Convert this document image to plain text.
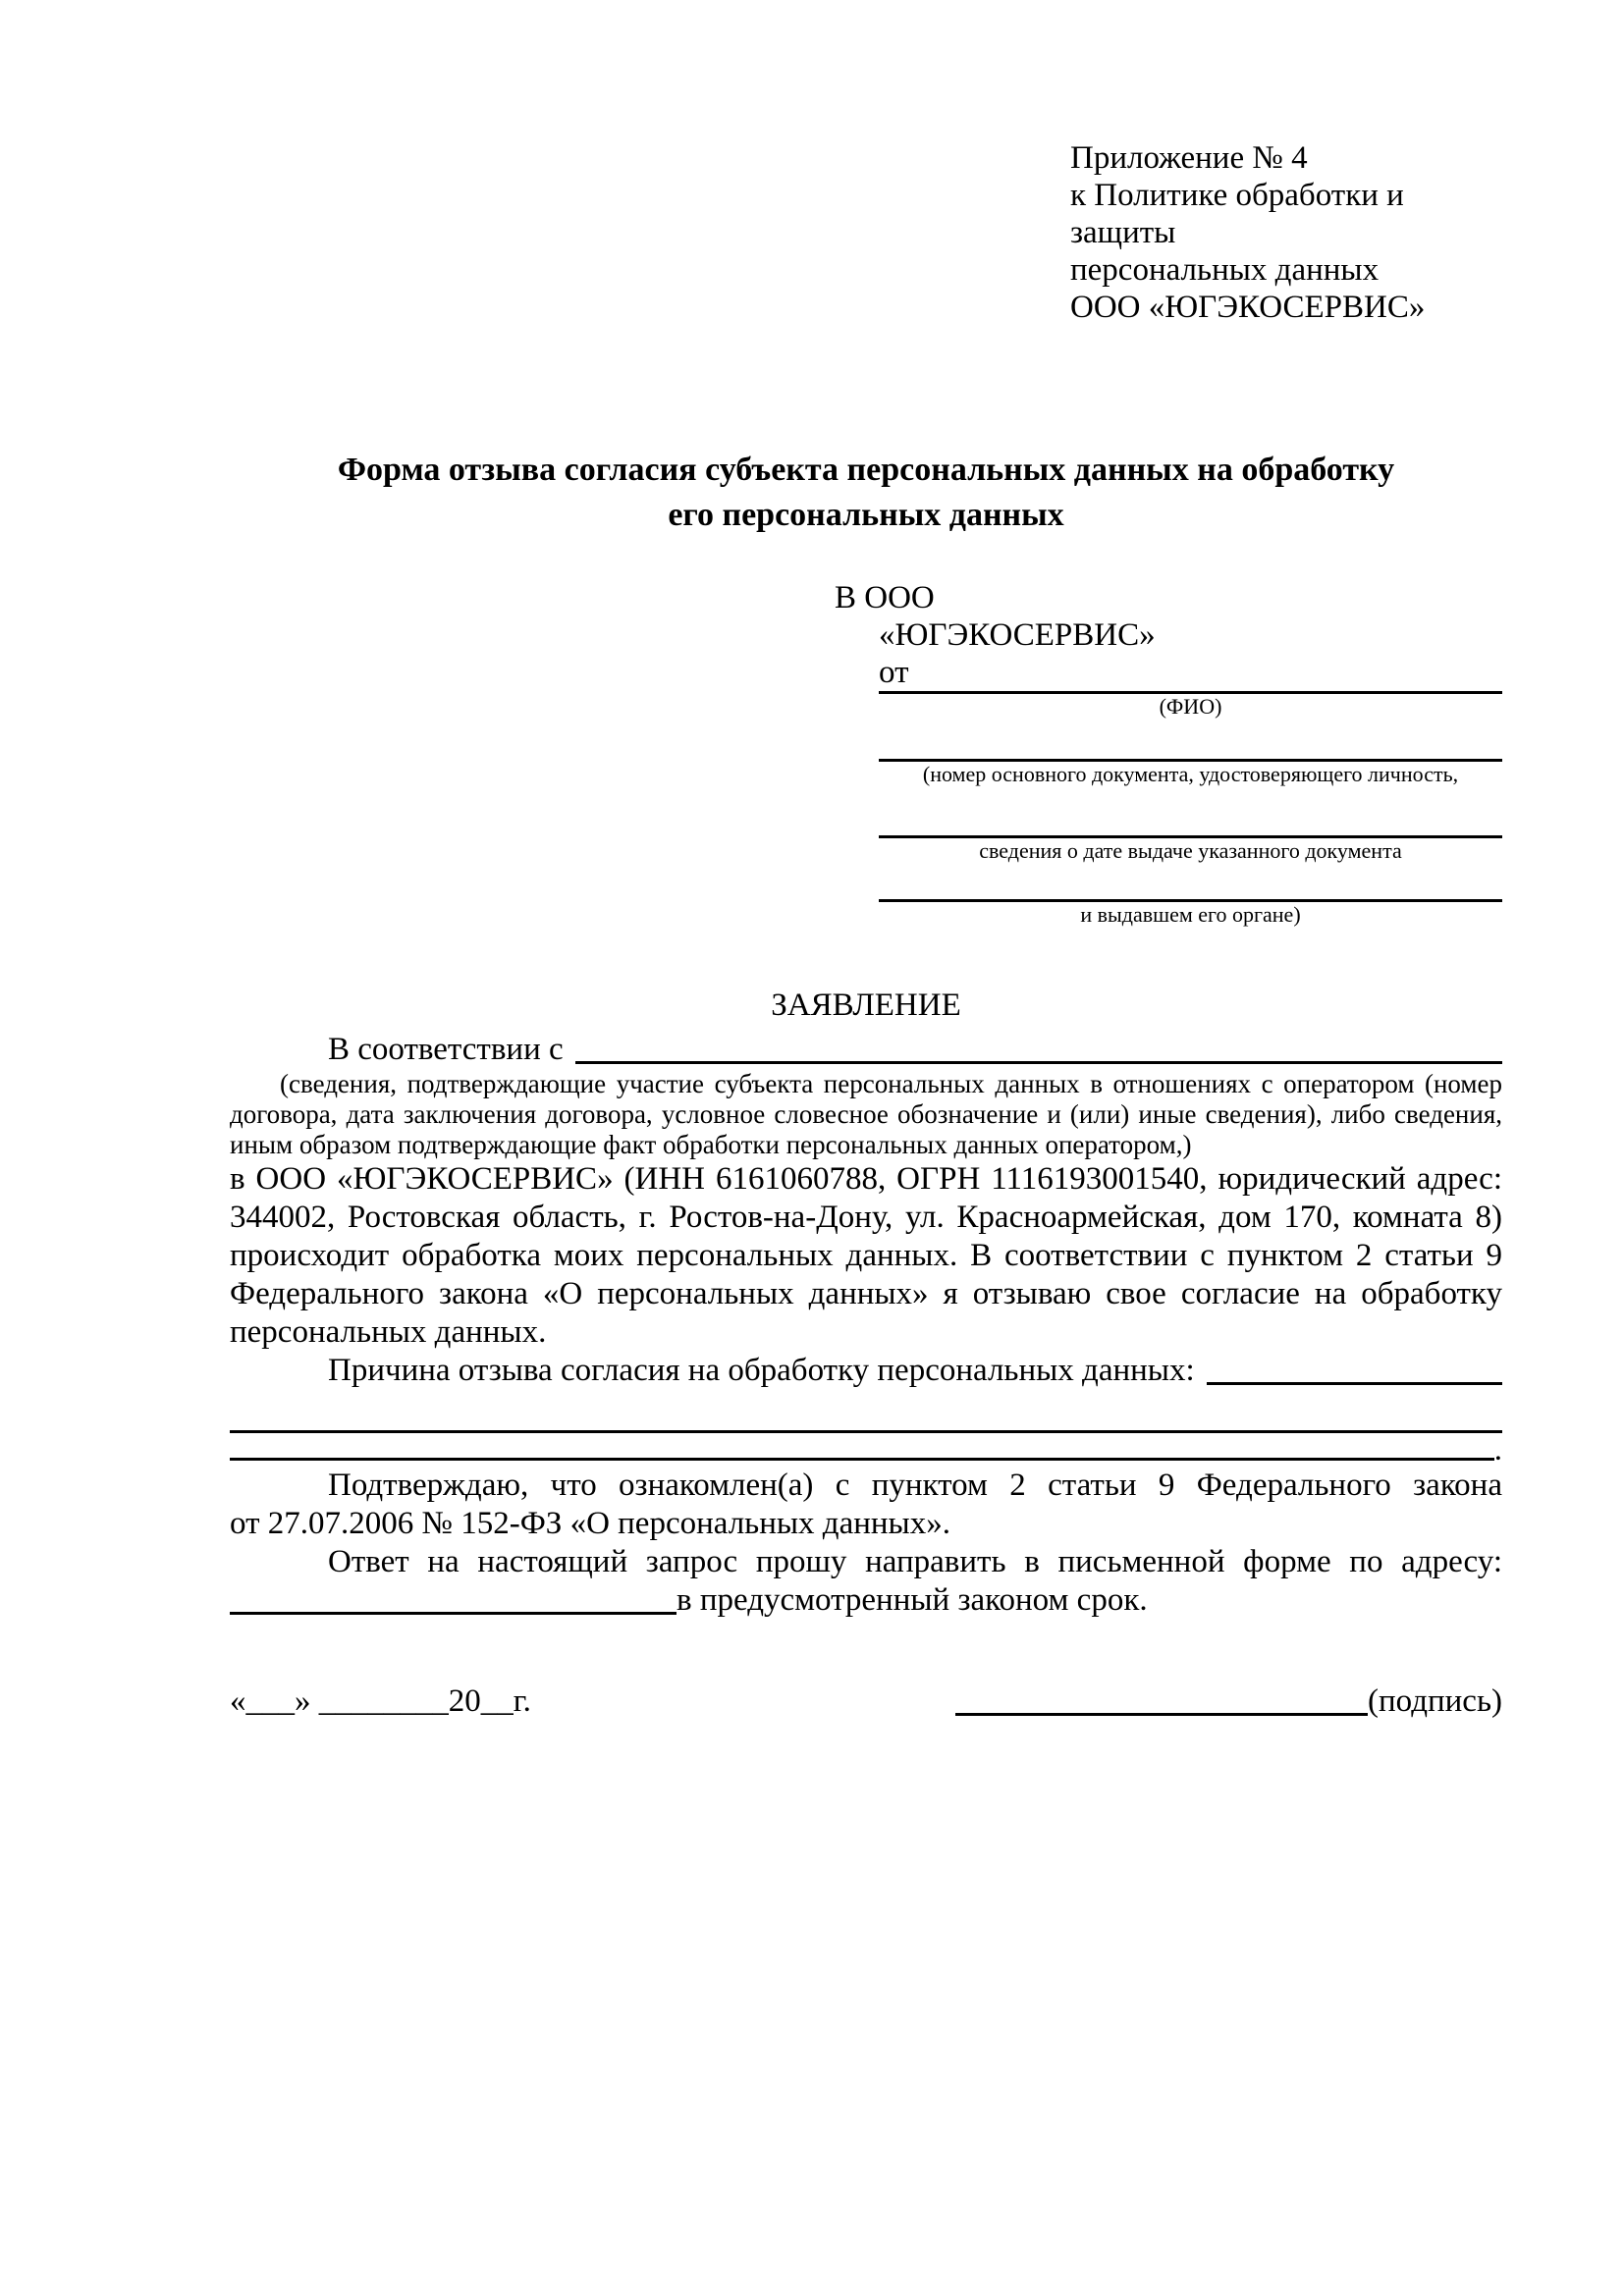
Приложение № 4
к Политике обработки и защиты
персональных данных
ООО «ЮГЭКОСЕРВИС»
Форма отзыва согласия субъекта персональных данных на обработку
его персональных данных
В ООО
«ЮГЭКОСЕРВИС»
от
(ФИО)
(номер основного документа, удостоверяющего личность,
сведения о дате выдаче указанного документа
и выдавшем его органе)
ЗАЯВЛЕНИЕ
В соответствии с

(сведения, подтверждающие участие субъекта персональных данных в отношениях с оператором (номер договора, дата заключения договора, условное словесное обозначение и (или) иные сведения), либо сведения, иным образом подтверждающие факт обработки персональных данных оператором,)

в ООО «ЮГЭКОСЕРВИС» (ИНН 6161060788, ОГРН 1116193001540, юридический адрес: 344002, Ростовская область, г. Ростов-на-Дону, ул. Красноармейская, дом 170, комната 8) происходит обработка моих персональных данных. В соответствии с пунктом 2 статьи 9 Федерального закона «О персональных данных» я отзываю свое согласие на обработку персональных данных.

Причина отзыва согласия на обработку персональных данных:
.
Подтверждаю, что ознакомлен(а) с пунктом 2 статьи 9 Федерального закона
от 27.07.2006 № 152-ФЗ «О персональных данных».
Ответ на настоящий запрос прошу направить в письменной форме по адресу:
в предусмотренный законом срок.
«___» ________20__г.	(подпись)
